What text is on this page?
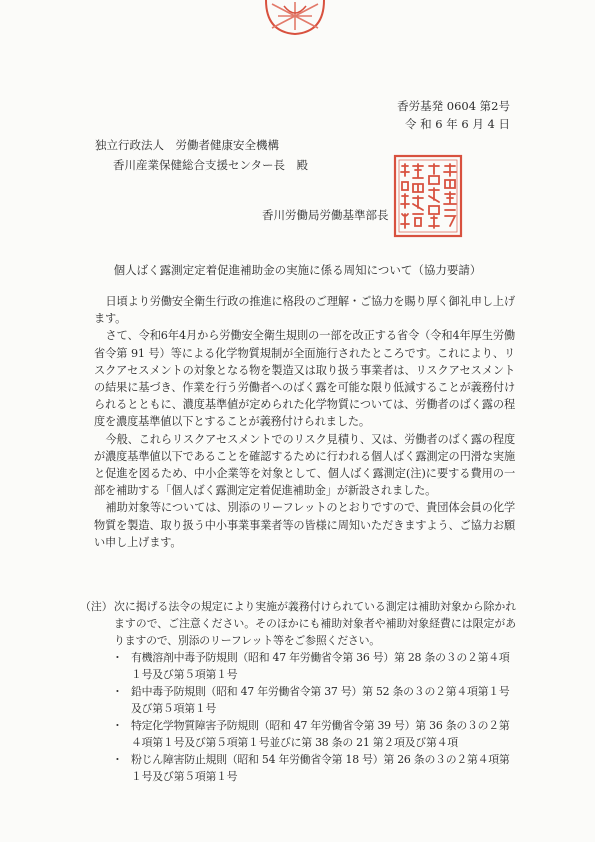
香労基発 0604 第2号
令 和 6 年 6 月 4 日
独立行政法人　労働者健康安全機構
香川産業保健総合支援センター長　殿
香川労働局労働基準部長
個人ばく露測定定着促進補助金の実施に係る周知について（協力要請）

日頃より労働安全衛生行政の推進に格段のご理解・ご協力を賜り厚く御礼申し上げます。

さて、令和6年4月から労働安全衛生規則の一部を改正する省令（令和4年厚生労働省令第 91 号）等による化学物質規制が全面施行されたところです。これにより、リスクアセスメントの対象となる物を製造又は取り扱う事業者は、リスクアセスメントの結果に基づき、作業を行う労働者へのばく露を可能な限り低減することが義務付けられるとともに、濃度基準値が定められた化学物質については、労働者のばく露の程度を濃度基準値以下とすることが義務付けられました。

今般、これらリスクアセスメントでのリスク見積り、又は、労働者のばく露の程度が濃度基準値以下であることを確認するために行われる個人ばく露測定の円滑な実施と促進を図るため、中小企業等を対象として、個人ばく露測定(注)に要する費用の一部を補助する「個人ばく露測定定着促進補助金」が新設されました。

補助対象等については、別添のリーフレットのとおりですので、貴団体会員の化学物質を製造、取り扱う中小事業事業者等の皆様に周知いただきますよう、ご協力お願い申し上げます。

（注） 次に掲げる法令の規定により実施が義務付けられている測定は補助対象から除かれますので、ご注意ください。そのほかにも補助対象者や補助対象経費には限定がありますので、別添のリーフレット等をご参照ください。
・ 有機溶剤中毒予防規則（昭和 47 年労働省令第 36 号）第 28 条の３の２第４項１号及び第５項第１号
・ 鉛中毒予防規則（昭和 47 年労働省令第 37 号）第 52 条の３の２第４項第１号及び第５項第１号
・ 特定化学物質障害予防規則（昭和 47 年労働省令第 39 号）第 36 条の３の２第４項第１号及び第５項第１号並びに第 38 条の 21 第２項及び第４項
・ 粉じん障害防止規則（昭和 54 年労働省令第 18 号）第 26 条の３の２第４項第１号及び第５項第１号
